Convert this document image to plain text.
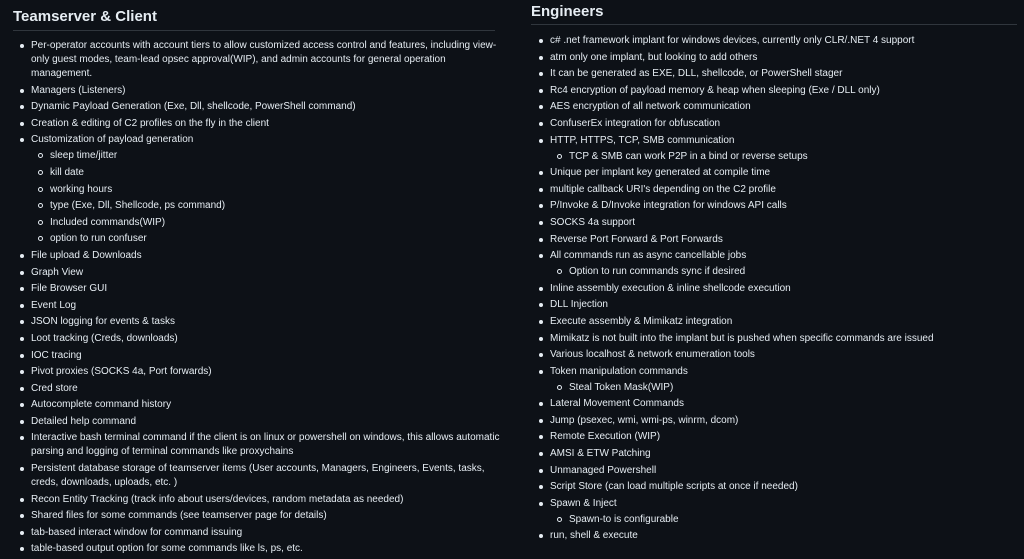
Teamserver & Client
Per-operator accounts with account tiers to allow customized access control and features, including view-only guest modes, team-lead opsec approval(WIP), and admin accounts for general operation management.
Managers (Listeners)
Dynamic Payload Generation (Exe, Dll, shellcode, PowerShell command)
Creation & editing of C2 profiles on the fly in the client
Customization of payload generation
sleep time/jitter
kill date
working hours
type (Exe, Dll, Shellcode, ps command)
Included commands(WIP)
option to run confuser
File upload & Downloads
Graph View
File Browser GUI
Event Log
JSON logging for events & tasks
Loot tracking (Creds, downloads)
IOC tracing
Pivot proxies (SOCKS 4a, Port forwards)
Cred store
Autocomplete command history
Detailed help command
Interactive bash terminal command if the client is on linux or powershell on windows, this allows automatic parsing and logging of terminal commands like proxychains
Persistent database storage of teamserver items (User accounts, Managers, Engineers, Events, tasks, creds, downloads, uploads, etc. )
Recon Entity Tracking (track info about users/devices, random metadata as needed)
Shared files for some commands (see teamserver page for details)
tab-based interact window for command issuing
table-based output option for some commands like ls, ps, etc.
Engineers
c# .net framework implant for windows devices, currently only CLR/.NET 4 support
atm only one implant, but looking to add others
It can be generated as EXE, DLL, shellcode, or PowerShell stager
Rc4 encryption of payload memory & heap when sleeping (Exe / DLL only)
AES encryption of all network communication
ConfuserEx integration for obfuscation
HTTP, HTTPS, TCP, SMB communication
TCP & SMB can work P2P in a bind or reverse setups
Unique per implant key generated at compile time
multiple callback URI's depending on the C2 profile
P/Invoke & D/Invoke integration for windows API calls
SOCKS 4a support
Reverse Port Forward & Port Forwards
All commands run as async cancellable jobs
Option to run commands sync if desired
Inline assembly execution & inline shellcode execution
DLL Injection
Execute assembly & Mimikatz integration
Mimikatz is not built into the implant but is pushed when specific commands are issued
Various localhost & network enumeration tools
Token manipulation commands
Steal Token Mask(WIP)
Lateral Movement Commands
Jump (psexec, wmi, wmi-ps, winrm, dcom)
Remote Execution (WIP)
AMSI & ETW Patching
Unmanaged Powershell
Script Store (can load multiple scripts at once if needed)
Spawn & Inject
Spawn-to is configurable
run, shell & execute
